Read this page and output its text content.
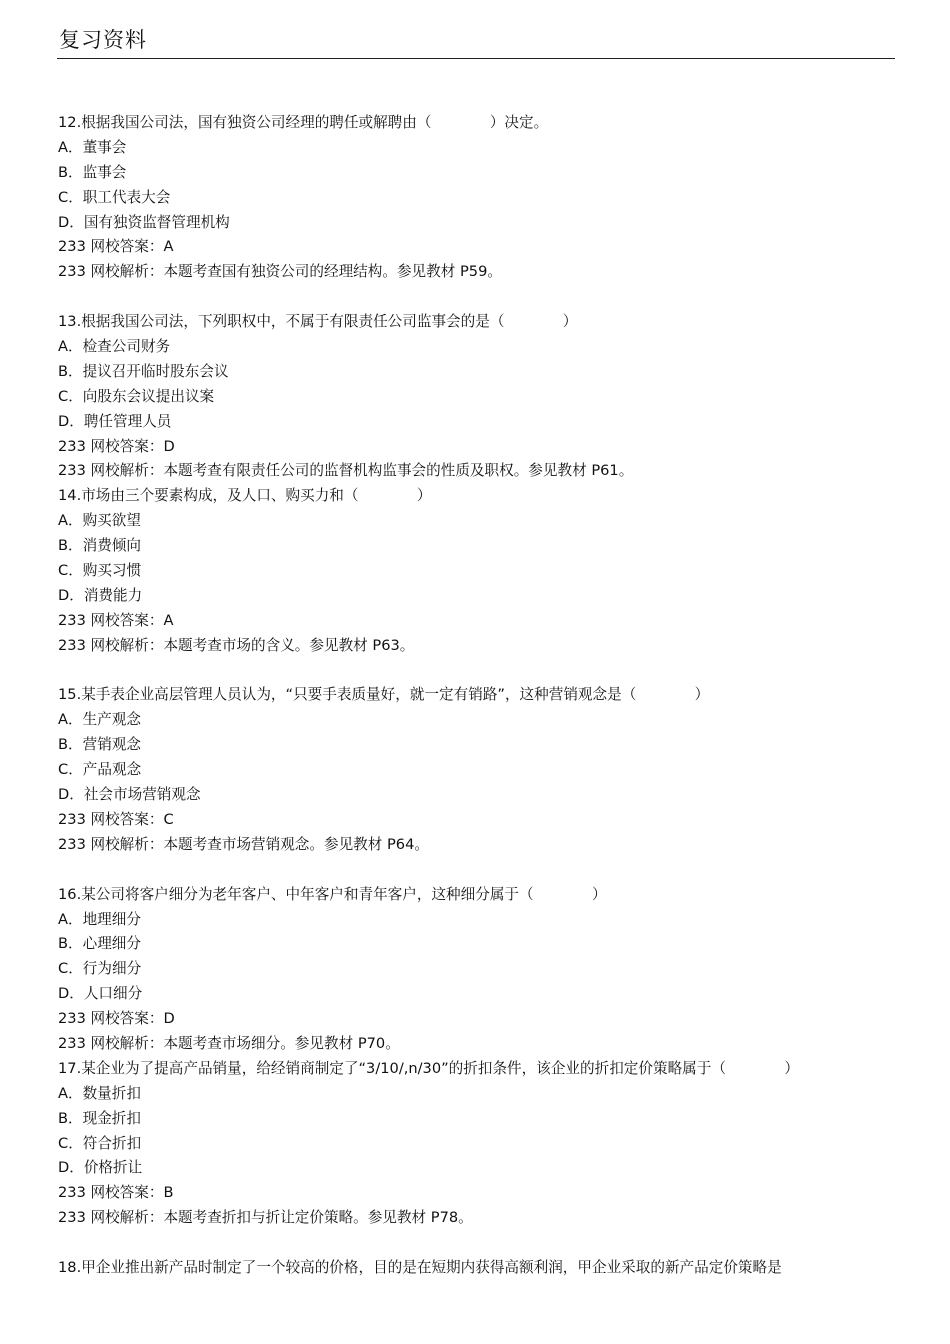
复习资料
12.根据我国公司法，国有独资公司经理的聘任或解聘由（　　　　）决定。
A．董事会
B．监事会
C．职工代表大会
D．国有独资监督管理机构
233 网校答案：A
233 网校解析：本题考查国有独资公司的经理结构。参见教材 P59。
13.根据我国公司法，下列职权中，不属于有限责任公司监事会的是（　　　　）
A．检查公司财务
B．提议召开临时股东会议
C．向股东会议提出议案
D．聘任管理人员
233 网校答案：D
233 网校解析：本题考查有限责任公司的监督机构监事会的性质及职权。参见教材 P61。
14.市场由三个要素构成，及人口、购买力和（　　　　）
A．购买欲望
B．消费倾向
C．购买习惯
D．消费能力
233 网校答案：A
233 网校解析：本题考查市场的含义。参见教材 P63。
15.某手表企业高层管理人员认为，“只要手表质量好，就一定有销路”，这种营销观念是（　　　　）
A．生产观念
B．营销观念
C．产品观念
D．社会市场营销观念
233 网校答案：C
233 网校解析：本题考查市场营销观念。参见教材 P64。
16.某公司将客户细分为老年客户、中年客户和青年客户，这种细分属于（　　　　）
A．地理细分
B．心理细分
C．行为细分
D．人口细分
233 网校答案：D
233 网校解析：本题考查市场细分。参见教材 P70。
17.某企业为了提高产品销量，给经销商制定了“3/10/,n/30”的折扣条件，该企业的折扣定价策略属于（　　　　）
A．数量折扣
B．现金折扣
C．符合折扣
D．价格折让
233 网校答案：B
233 网校解析：本题考查折扣与折让定价策略。参见教材 P78。
18.甲企业推出新产品时制定了一个较高的价格，目的是在短期内获得高额利润，甲企业采取的新产品定价策略是
